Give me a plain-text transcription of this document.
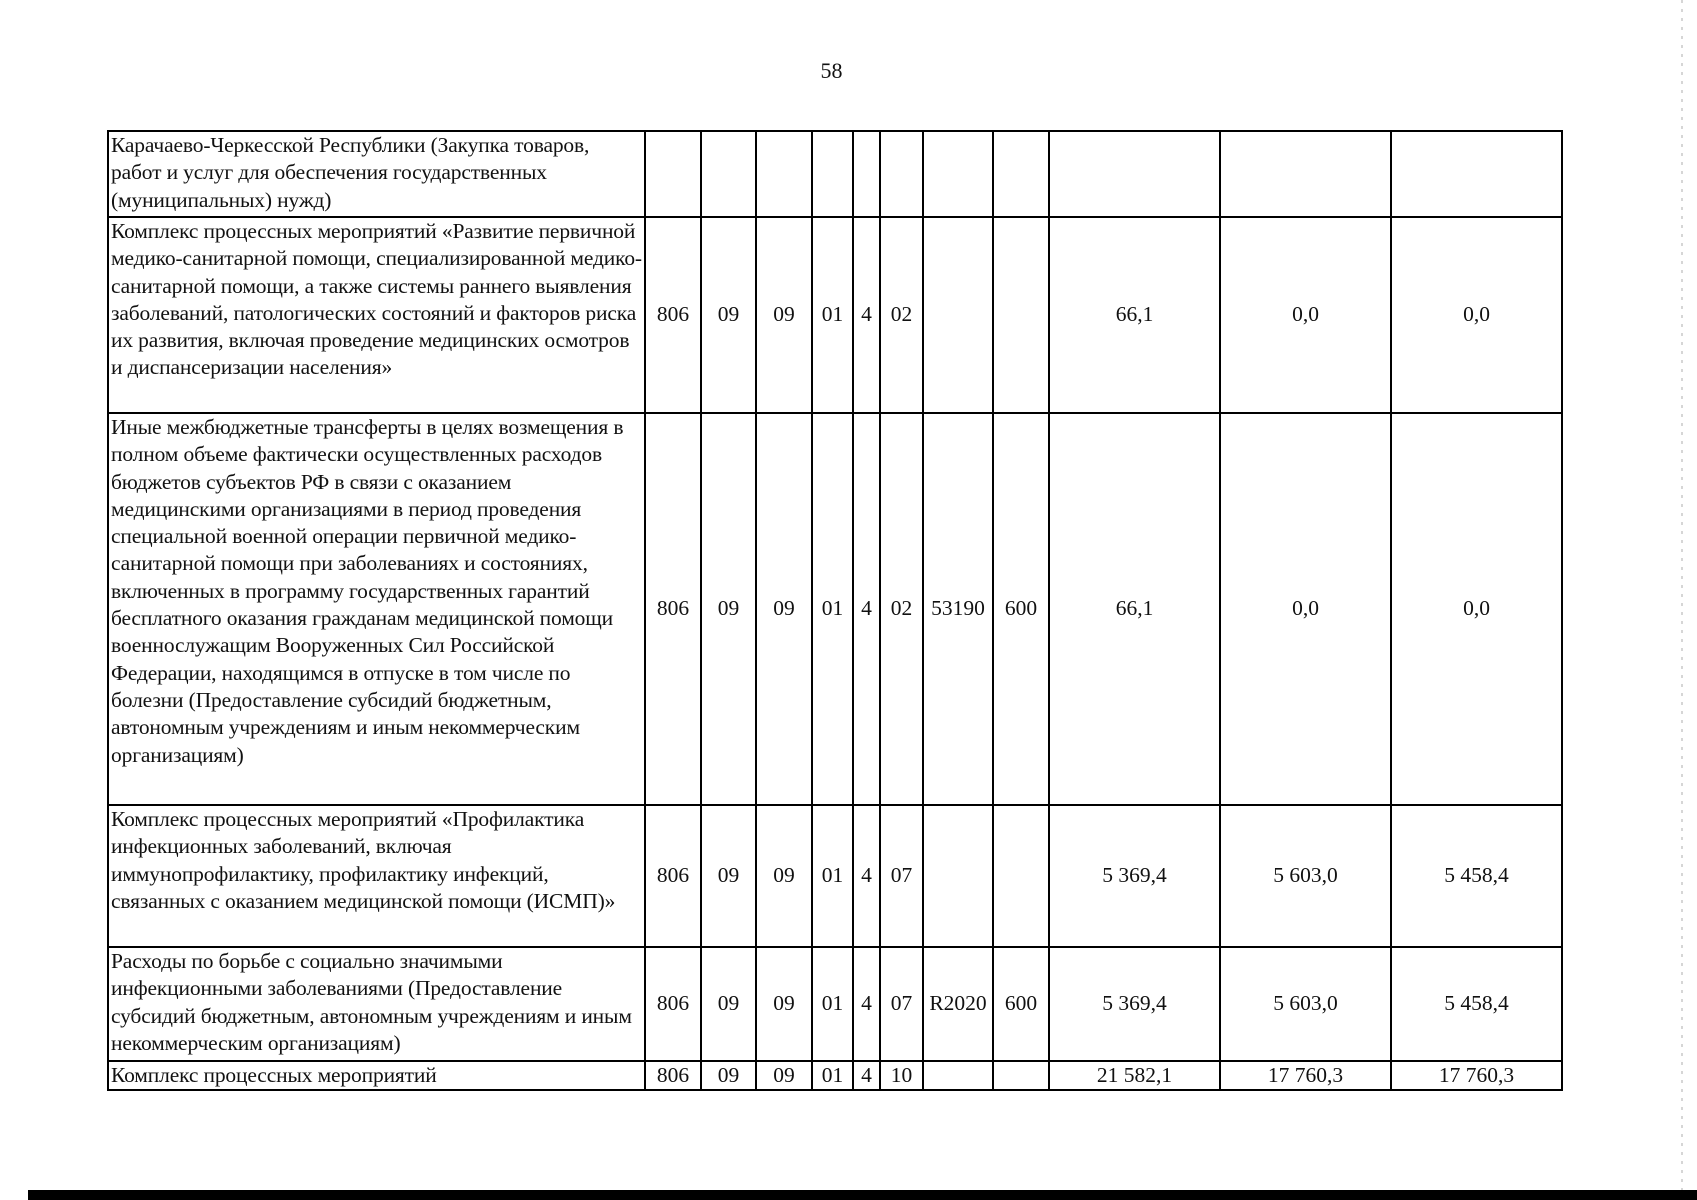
58
Карачаево-Черкесской Республики (Закупка товаров, работ и услуг для обеспечения государственных (муниципальных) нужд)											
Комплекс процессных мероприятий «Развитие первичной медико-санитарной помощи, специализированной медико-санитарной помощи, а также системы раннего выявления заболеваний, патологических состояний и факторов риска их развития, включая проведение медицинских осмотров и диспансеризации населения»	806	09	09	01	4	02			66,1	0,0	0,0
Иные межбюджетные трансферты в целях возмещения в полном объеме фактически осуществленных расходов бюджетов субъектов РФ в связи с оказанием медицинскими организациями в период проведения специальной военной операции первичной медико-санитарной помощи при заболеваниях и состояниях, включенных в программу государственных гарантий бесплатного оказания гражданам медицинской помощи военнослужащим Вооруженных Сил Российской Федерации, находящимся в отпуске в том числе по болезни (Предоставление субсидий бюджетным, автономным учреждениям и иным некоммерческим организациям)	806	09	09	01	4	02	53190	600	66,1	0,0	0,0
Комплекс процессных мероприятий «Профилактика инфекционных заболеваний, включая иммунопрофилактику, профилактику инфекций, связанных с оказанием медицинской помощи (ИСМП)»	806	09	09	01	4	07			5 369,4	5 603,0	5 458,4
Расходы по борьбе с социально значимыми инфекционными заболеваниями (Предоставление субсидий бюджетным, автономным учреждениям и иным некоммерческим организациям)	806	09	09	01	4	07	R2020	600	5 369,4	5 603,0	5 458,4
Комплекс процессных мероприятий	806	09	09	01	4	10			21 582,1	17 760,3	17 760,3
